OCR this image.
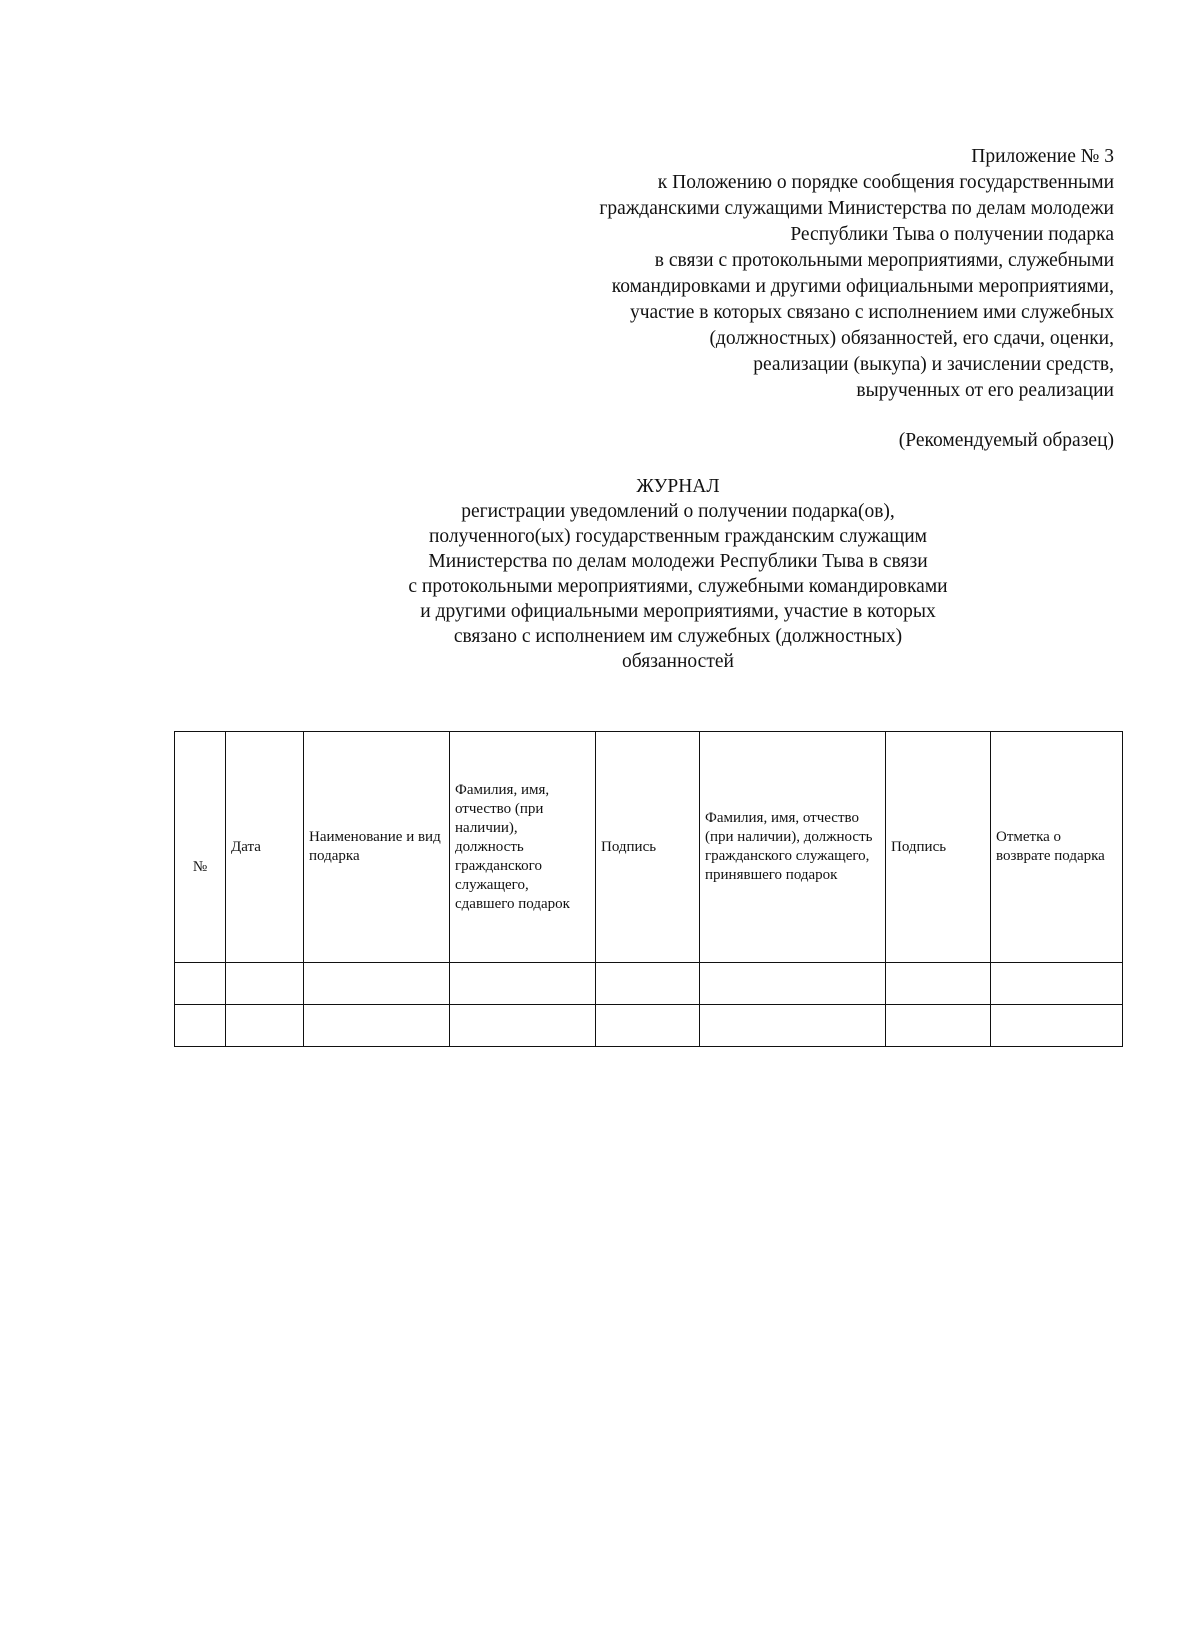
Приложение № 3
к Положению о порядке сообщения государственными
гражданскими служащими Министерства по делам молодежи
Республики Тыва о получении подарка
в связи с протокольными мероприятиями, служебными
командировками и другими официальными мероприятиями,
участие в которых связано с исполнением ими служебных
(должностных) обязанностей, его сдачи, оценки,
реализации (выкупа) и зачислении средств,
вырученных от его реализации
(Рекомендуемый образец)
ЖУРНАЛ
регистрации уведомлений о получении подарка(ов),
полученного(ых) государственным гражданским служащим
Министерства по делам молодежи Республики Тыва в связи
с протокольными мероприятиями, служебными командировками
и другими официальными мероприятиями, участие в которых
связано с исполнением им служебных (должностных)
обязанностей
№	Дата	Наименование и вид подарка	Фамилия, имя, отчество (при наличии), должность гражданского служащего, сдавшего подарок	Подпись	Фамилия, имя, отчество (при наличии), должность гражданского служащего, принявшего подарок	Подпись	Отметка о возврате подарка
